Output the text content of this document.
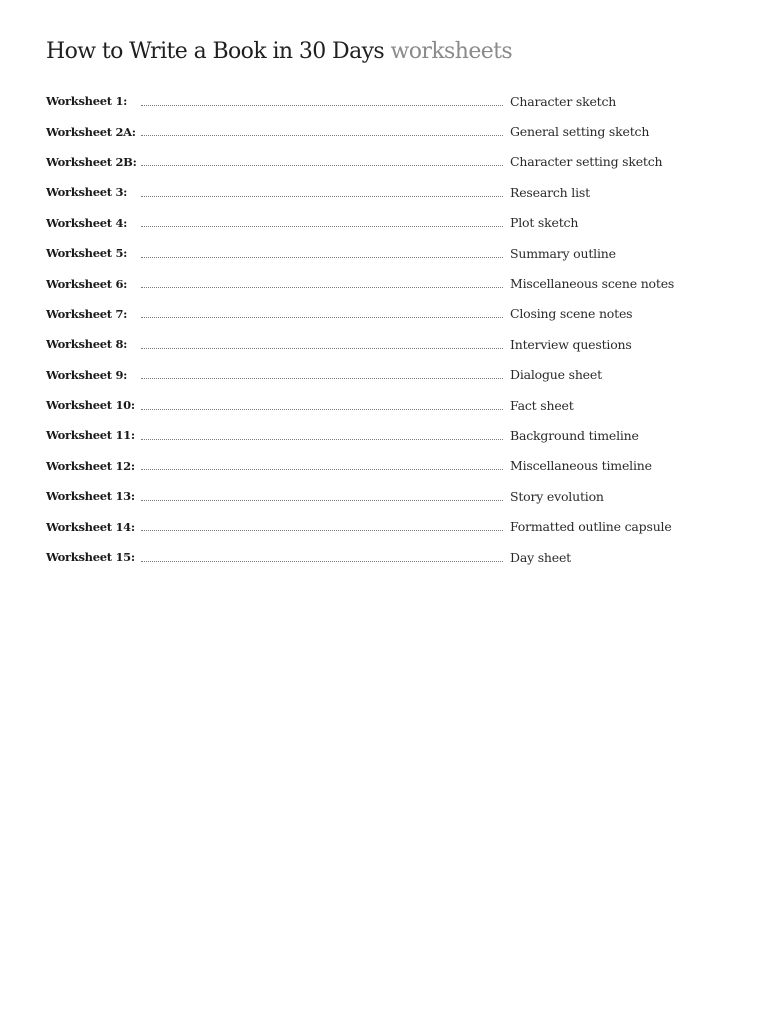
How to Write a Book in 30 Days worksheets
Worksheet 1:	Character sketch
Worksheet 2A:	General setting sketch
Worksheet 2B:	Character setting sketch
Worksheet 3:	Research list
Worksheet 4:	Plot sketch
Worksheet 5:	Summary outline
Worksheet 6:	Miscellaneous scene notes
Worksheet 7:	Closing scene notes
Worksheet 8:	Interview questions
Worksheet 9:	Dialogue sheet
Worksheet 10:	Fact sheet
Worksheet 11:	Background timeline
Worksheet 12:	Miscellaneous timeline
Worksheet 13:	Story evolution
Worksheet 14:	Formatted outline capsule
Worksheet 15:	Day sheet
